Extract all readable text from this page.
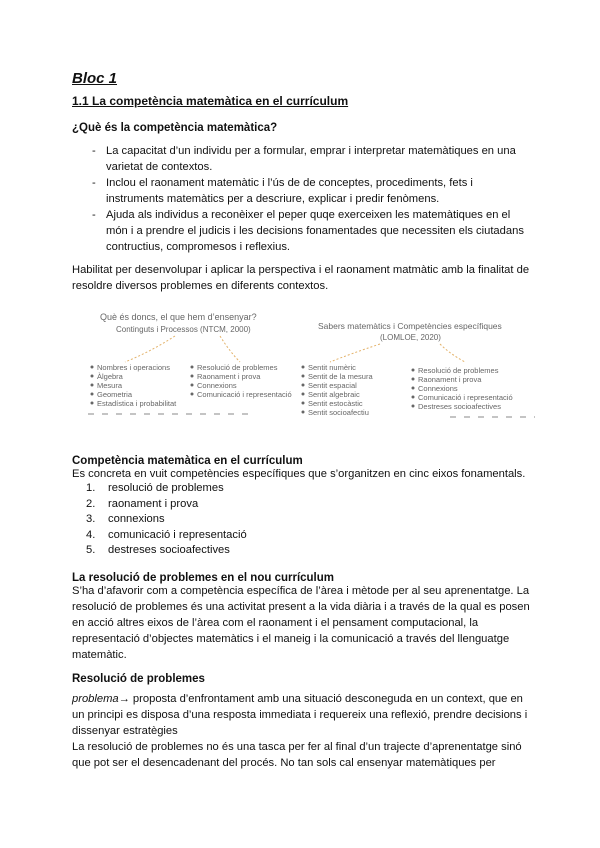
Bloc 1
1.1 La competència matemàtica en el currículum
¿Què és la competència matemàtica?
- La capacitat d’un individu per a formular, emprar i interpretar matemàtiques en una varietat de contextos.
- Inclou el raonament matemàtic i l’ús de de conceptes, procediments, fets i instruments matemàtics per a descriure, explicar i predir fenòmens.
- Ajuda als individus a reconèixer el peper quqe exerceixen les matemàtiques en el món i a prendre el judicis i les decisions fonamentades que necessiten els ciutadans contructius, compromesos i reflexius.
Habilitat per desenvolupar i aplicar la perspectiva i el raonament matmàtic amb la finalitat de resoldre diversos problemes en diferents contextos.
Què és doncs, el que hem d’ensenyar?
Continguts i Processos (NTCM, 2000)
Nombres i operacions
Àlgebra
Mesura
Geometria
Estadística i probabilitat
Resolució de problemes
Raonament i prova
Connexions
Comunicació i representació
Sabers matemàtics i Competències específiques
(LOMLOE, 2020)
Sentit numèric
Sentit de la mesura
Sentit espacial
Sentit algebraic
Sentit estocàstic
Sentit socioafectiu
Resolució de problemes
Raonament i prova
Connexions
Comunicació i representació
Destreses socioafectives
Competència matemàtica en el currículum
Es concreta en vuit competències específiques que s’organitzen en cinc eixos fonamentals.
1.	resolució de problemes
2.	raonament i prova
3.	connexions
4.	comunicació i representació
5.	destreses socioafectives
La resolució de problemes en el nou currículum
S’ha d’afavorir com a competència específica de l’àrea i mètode per al seu aprenentatge. La resolució de problemes és una activitat present a la vida diària i a través de la qual es posen en acció altres eixos de l’àrea com el raonament i el pensament computacional, la representació d’objectes matemàtics i el maneig i la comunicació a través del llenguatge matemàtic.
Resolució de problemes
problema→ proposta d’enfrontament amb una situació desconeguda en un context, que en un principi es disposa d’una resposta immediata i requereix una reflexió, prendre decisions i dissenyar estratègies
La resolució de problemes no és una tasca per fer al final d’un trajecte d’aprenentatge sinó que pot ser el desencadenant del procés. No tan sols cal ensenyar matemàtiques per
